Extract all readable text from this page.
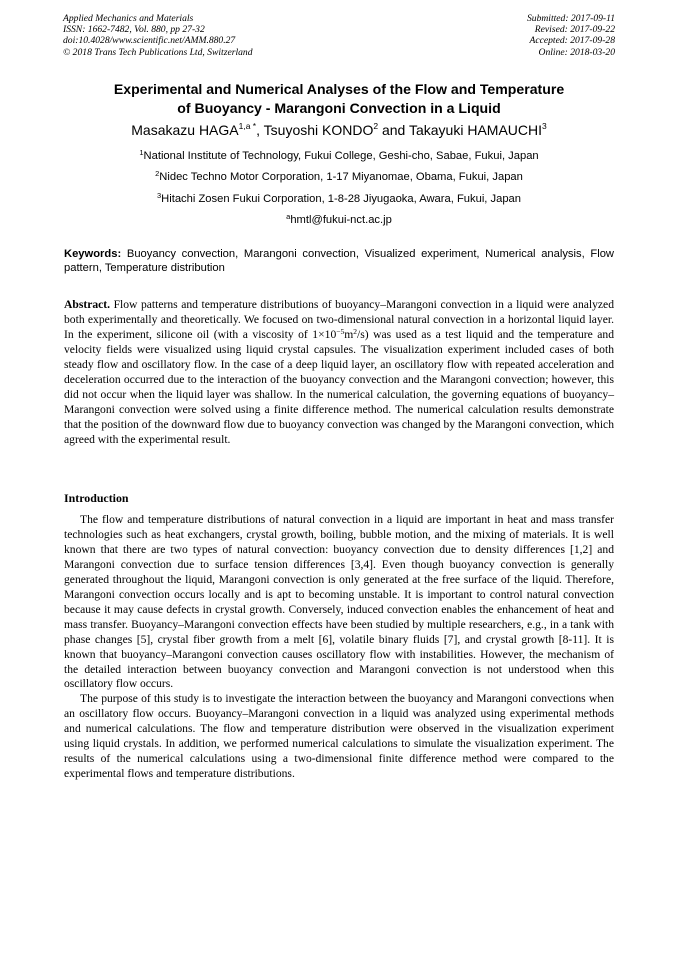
Applied Mechanics and Materials
ISSN: 1662-7482, Vol. 880, pp 27-32
doi:10.4028/www.scientific.net/AMM.880.27
© 2018 Trans Tech Publications Ltd, Switzerland
Submitted: 2017-09-11
Revised: 2017-09-22
Accepted: 2017-09-28
Online: 2018-03-20
Experimental and Numerical Analyses of the Flow and Temperature
of Buoyancy - Marangoni Convection in a Liquid
Masakazu $HAGA^{1,a *}$, Tsuyoshi KONDO$^2$ and Takayuki HAMAUCHI$^3$
$^1$National Institute of Technology, Fukui College, Geshi-cho, Sabae, Fukui, Japan
$^2$Nidec Techno Motor Corporation, 1-17 Miyanomae, Obama, Fukui, Japan
$^3$Hitachi Zosen Fukui Corporation, 1-8-28 Jiyugaoka, Awara, Fukui, Japan
$^a$hmtl@fukui-nct.ac.jp
Keywords: Buoyancy convection, Marangoni convection, Visualized experiment, Numerical analysis, Flow pattern, Temperature distribution
Abstract. Flow patterns and temperature distributions of buoyancy–Marangoni convection in a liquid were analyzed both experimentally and theoretically. We focused on two-dimensional natural convection in a horizontal liquid layer. In the experiment, silicone oil (with a viscosity of $1\times 10^{-5}m^2/s$) was used as a test liquid and the temperature and velocity fields were visualized using liquid crystal capsules. The visualization experiment included cases of both steady flow and oscillatory flow. In the case of a deep liquid layer, an oscillatory flow with repeated acceleration and deceleration occurred due to the interaction of the buoyancy convection and the Marangoni convection; however, this did not occur when the liquid layer was shallow. In the numerical calculation, the governing equations of buoyancy–Marangoni convection were solved using a finite difference method. The numerical calculation results demonstrate that the position of the downward flow due to buoyancy convection was changed by the Marangoni convection, which agreed with the experimental result.
Introduction

The flow and temperature distributions of natural convection in a liquid are important in heat and mass transfer technologies such as heat exchangers, crystal growth, boiling, bubble motion, and the mixing of materials. It is well known that there are two types of natural convection: buoyancy convection due to density differences [1,2] and Marangoni convection due to surface tension differences [3,4]. Even though buoyancy convection is generally generated throughout the liquid, Marangoni convection is only generated at the free surface of the liquid. Therefore, Marangoni convection occurs locally and is apt to becoming unstable. It is important to control natural convection because it may cause defects in crystal growth. Conversely, induced convection enables the enhancement of heat and mass transfer. Buoyancy–Marangoni convection effects have been studied by multiple researchers, e.g., in a tank with phase changes [5], crystal fiber growth from a melt [6], volatile binary fluids [7], and crystal growth [8-11]. It is known that buoyancy–Marangoni convection causes oscillatory flow with instabilities. However, the mechanism of the detailed interaction between buoyancy convection and Marangoni convection is not understood when this oscillatory flow occurs.

The purpose of this study is to investigate the interaction between the buoyancy and Marangoni convections when an oscillatory flow occurs. Buoyancy–Marangoni convection in a liquid was analyzed using experimental methods and numerical calculations. The flow and temperature distribution were observed in the visualization experiment using liquid crystals. In addition, we performed numerical calculations to simulate the visualization experiment. The results of the numerical calculations using a two-dimensional finite difference method were compared to the experimental flows and temperature distributions.
